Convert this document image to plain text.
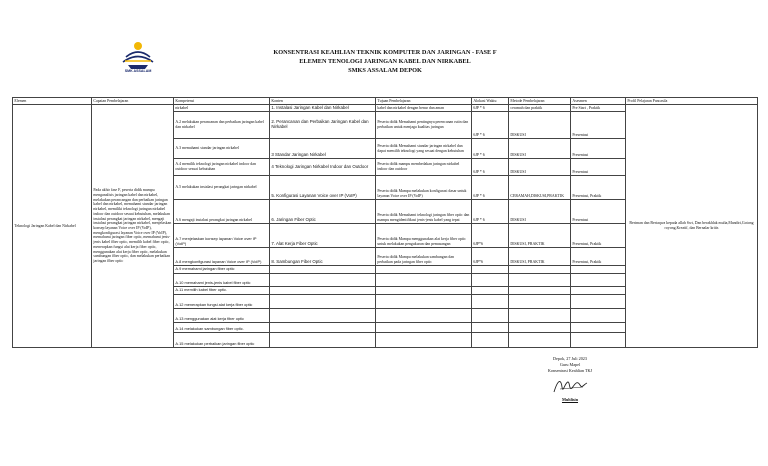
SMK ASSALAM
KONSENTRASI KEAHLIAN TEKNIK KOMPUTER DAN JARINGAN - FASE F
ELEMEN TENOLOGI JARINGAN KABEL DAN NIRKABEL
SMKS ASSALAM DEPOK
Elemen	Capaian Pembelajaran	Kompetensi	Konten	Tujuan Pembelajaran	Alokasi Waktu	Metode Pembelajaran	Asesmen	Profil Pelajaran Pancasila
Teknologi Jaringan Kabel dan Nirkabel	Pada akhir fase F, peserta didik mampu menganalisis jaringan kabel dan nirkabel, melakukan perancangan dan perbaikan jaringan kabel dan nirkabel, memahami standar jaringan nirkabel, memiliki teknologi jaringan nirkabel indoor dan outdoor sesuai kebutuhan, melakukan instalasi perangkat jaringan nirkabel, mengaji instalasi perangkat jaringan nirkabel, menjelaskan konsep layanan Voice over IP (VoIP), mengkonfigurasi layanan Voice over IP (VoIP), memahami jaringan fiber optic, memahami jenis-jenis kabel fiber optic, memilih kabel fiber optic, menerapkan fungsi alat kerja fiber optic, menggunakan alat kerja fiber optic, melakukan sambungan fiber optic, dan melakukan perbaikan jaringan fiber optic	nirkabel	1. Instalasi Jaringan Kabel dan Nirkabel	kabel dan nirkabel dengan benar dan aman	6JP * 6	ceramah dan praktik	Pre Start , Praktik	Beriman dan Bertaqwa kepada allah Swt, Dan berakhlak mulia,Mandiri,Gotong royong,Kreatif, dan Bernalar kritis
		A.2 melakukan perancanan dan perbaikan jaringan kabel dan nirkabel	2. Perancanan dan Perbaikan Jaringan Kabel dan Nirkabel	Peserta didik Memahami pentingnya perencanan rutin dan perbaikan untuk menjaga kualitas jaringan	6JP * 6	DISKUSI	Presentasi	
		A.3 memahami standar jaringan nirkabel	3 Standar Jaringan Nirkabel	Peserta didik Memahami standar jaringan nirkabel dan dapat memilih teknologi yang sesuai dengan kebutuhan	6JP * 6	DISKUSI	Presentasi	
		A.4 memilik teknologi jaringan nirkabel indoor dan outdoor sesuai kebutuhan	4 Teknologi Jaringan Nirkabel Indoor dan Outdoor	Peserta didik mampu membedakan jaringan nirkabel indoor dan outdoor	6JP * 6	DISKUSI	Presentasi	
		A.5 melakukan instalasi perangkat jaringan nirkabel	5. Konfigurasi Layanan Voice over IP (VoIP)	Peserta didik Mampu melakukan konfigurasi dasar untuk layanan Voice over IP (VoIP)	6JP * 6	CERAMAH,DISKUSI,PRAKTIK	Presentasi, Praktik	
		A.6 mengaji instalasi perangkat jaringan nirkabel	6. Jaringan Fiber Optic	Peserta didik Memahami teknologi jaringan fiber optic dan mampu mengidentifikasi jenis-jenis kabel yang tepat	6JP * 6	DISKUSI	Presentasi	
		A.7 menjelaskan konsep layanan Voice over IP (VoIP)	7. Alat Kerja Fiber Optic	Peserta didik Mampu menggunakan alat kerja fiber optic untuk melakukan pengukuran dan pemasangan	6JP*6	DISKUSI, PRAKTIK	Presentasi, Praktik	
		A.8 mengkonfigurasi layanan Voice over IP (VoIP)	8. Sambungan Fiber Optic	Peserta didik Mampu melakukan sambungan dan perbaikan pada jaringan fiber optic	6JP*6	DISKUSI, PRAKTIK	Presentasi, Praktik	
		A.9 memahami jaringan fiber optic						
		A.10 memahami jenis-jenis kabel fiber optic						
		A.11 memilih kabel fiber optic.						
		A.12 menerapkan fungsi alat kerja fiber optic						
		A.13 menggunakan alat kerja fiber optic						
		A.14 melakukan sambungan fiber optic.						
		A.15 melakukan perbaikan jaringan fiber optic						
Depok, 27 Juli 2023
Guru Mapel
Konsentrasi Keahlian TKJ
Muhlisin
